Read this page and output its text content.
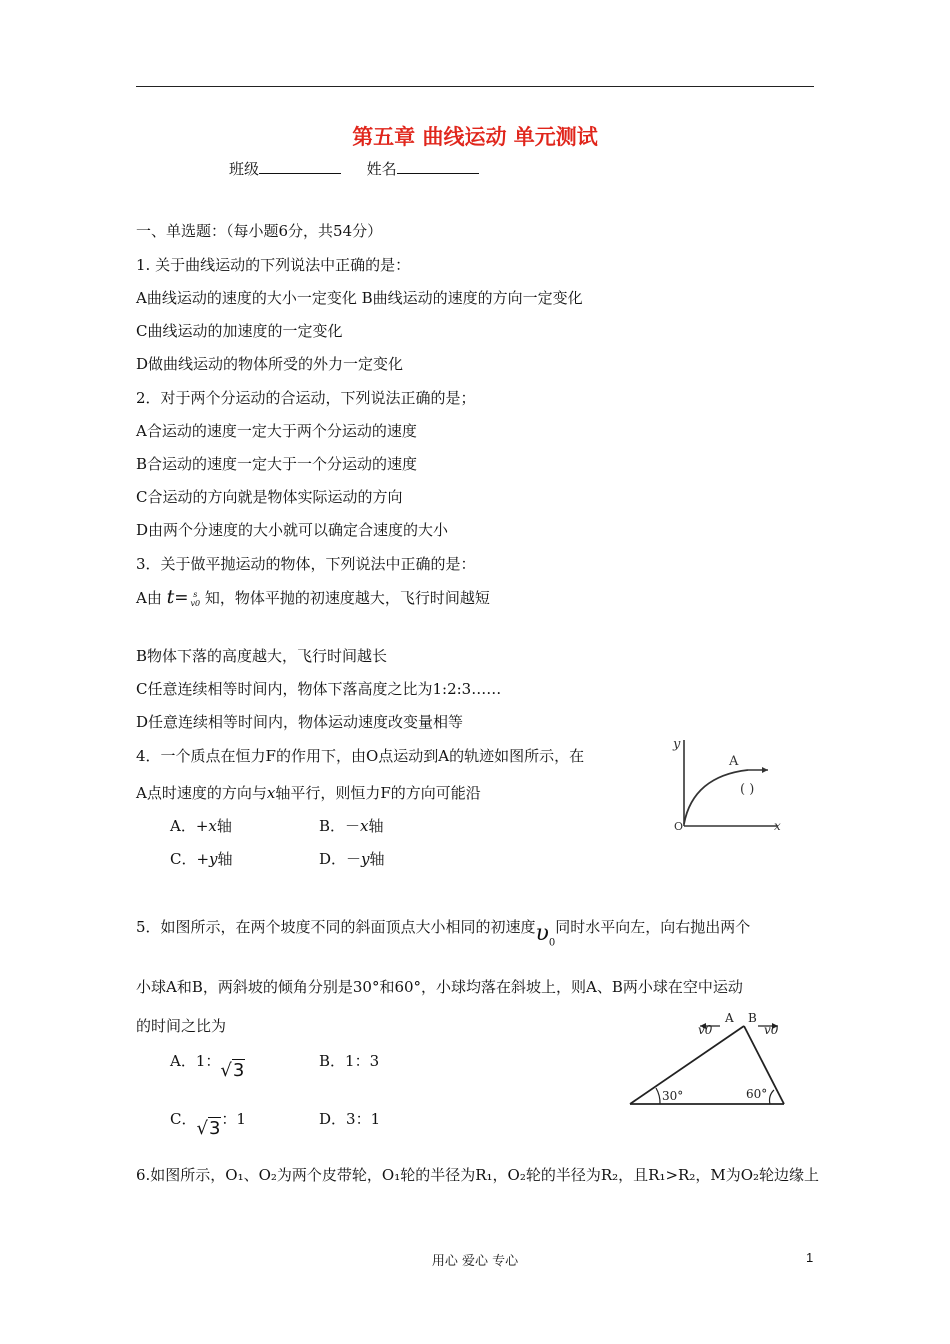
第五章 曲线运动 单元测试
班级	姓名
一、单选题：（每小题6分，共54分）
1. 关于曲线运动的下列说法中正确的是：
A曲线运动的速度的大小一定变化 B曲线运动的速度的方向一定变化
C曲线运动的加速度的一定变化
D做曲线运动的物体所受的外力一定变化
2．对于两个分运动的合运动，下列说法正确的是；
A合运动的速度一定大于两个分运动的速度
B合运动的速度一定大于一个分运动的速度
C合运动的方向就是物体实际运动的方向
D由两个分速度的大小就可以确定合速度的大小
3．关于做平抛运动的物体，下列说法中正确的是：
A由 t= s
v0 知，物体平抛的初速度越大，飞行时间越短
B物体下落的高度越大，飞行时间越长
C任意连续相等时间内，物体下落高度之比为1:2:3……
D任意连续相等时间内，物体运动速度改变量相等
4．一个质点在恒力F的作用下，由O点运动到A的轨迹如图所示，在
A点时速度的方向与x轴平行，则恒力F的方向可能沿
A．+x轴	B．－x轴
C．+y轴	D．－y轴
y
A
O	x
( )
5．如图所示，在两个坡度不同的斜面顶点大小相同的初速度$\upsilon_0$同时水平向左，向右抛出两个
小球A和B，两斜坡的倾角分别是30°和60°，小球均落在斜坡上，则A、B两小球在空中运动
的时间之比为
A．1：√3	B．1：3
C．√3：1	D．3：1
v0
A B
v0
30°	60°
6.如图所示，O₁、O₂为两个皮带轮，O₁轮的半径为R₁，O₂轮的半径为R₂，且R₁>R₂，M为O₂轮边缘上
用心 爱心 专心	1
